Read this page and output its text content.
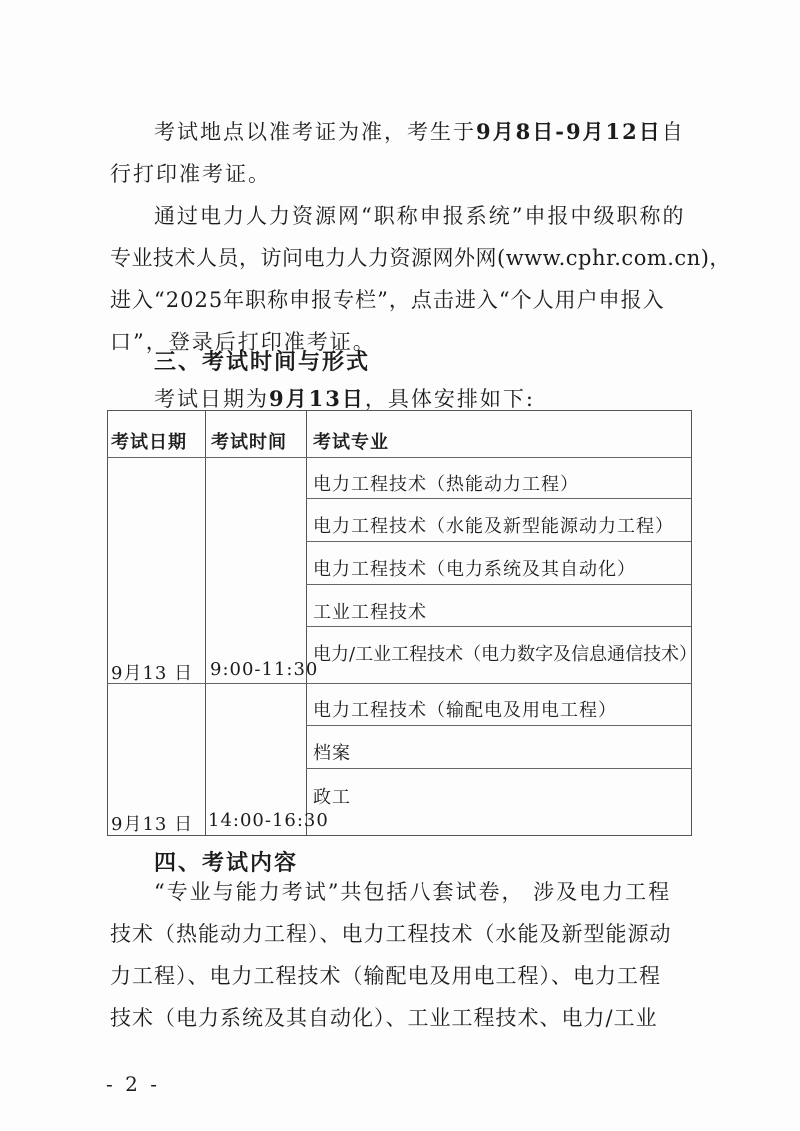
考试地点以准考证为准，考生于9月8日-9月12日自
行打印准考证。
通过电力人力资源网“职称申报系统”申报中级职称的
专业技术人员，访问电力人力资源网外网(www.cphr.com.cn)，
进入“2025年职称申报专栏”，点击进入“个人用户申报入
口”，登录后打印准考证。
三、考试时间与形式
考试日期为9月13日，具体安排如下:
考试日期 考试时间 考试专业
9月13 日 9:00-11:30
电力工程技术（热能动力工程）
电力工程技术（水能及新型能源动力工程）
电力工程技术（电力系统及其自动化）
工业工程技术
电力/工业工程技术（电力数字及信息通信技术）
9月13 日 14:00-16:30
电力工程技术（输配电及用电工程）
档案
政工
四、考试内容
“专业与能力考试”共包括八套试卷， 涉及电力工程
技术（热能动力工程）、电力工程技术（水能及新型能源动
力工程）、电力工程技术（输配电及用电工程）、电力工程
技术（电力系统及其自动化）、工业工程技术、电力/工业
- 2 -
